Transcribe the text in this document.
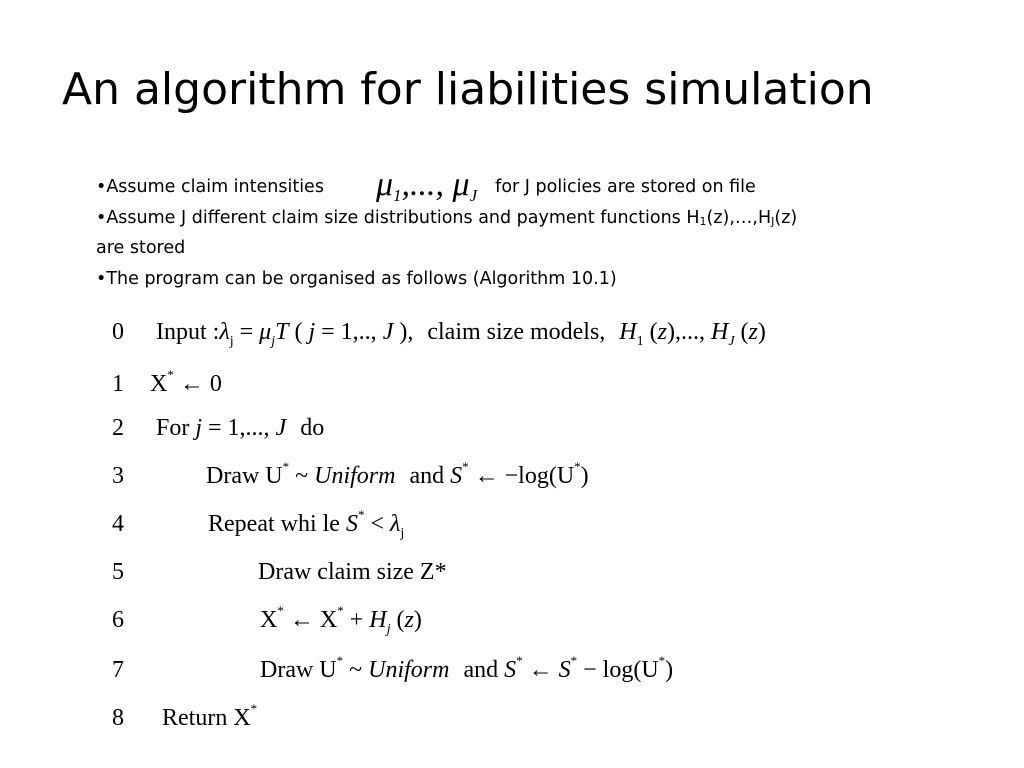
An algorithm for liabilities simulation
•Assume claim intensities $\mu_1$,..., $\mu_J$ for J policies are stored on file
•Assume J different claim size distributions and payment functions $H_1(z),\dots,H_J(z)$
are stored
•The program can be organised as follows (Algorithm 10.1)
0	Input $:\lambda_j = \mu_jT$ ( j = 1,.., J ), claim size models, $H_1$ (z),..., $H_J$ (z)
1	X* ← 0
2	For j = 1,..., J do
3	Draw U* ~ Uniform and S* ← −log(U*)
4	Repeat whi le $S^* < \lambda_j$
5	Draw claim size Z*
6	X* ← $X^* + H_j$ (z)
7	Draw U* ~ Uniform and S* ← S* − log(U*)
8	Return X*
